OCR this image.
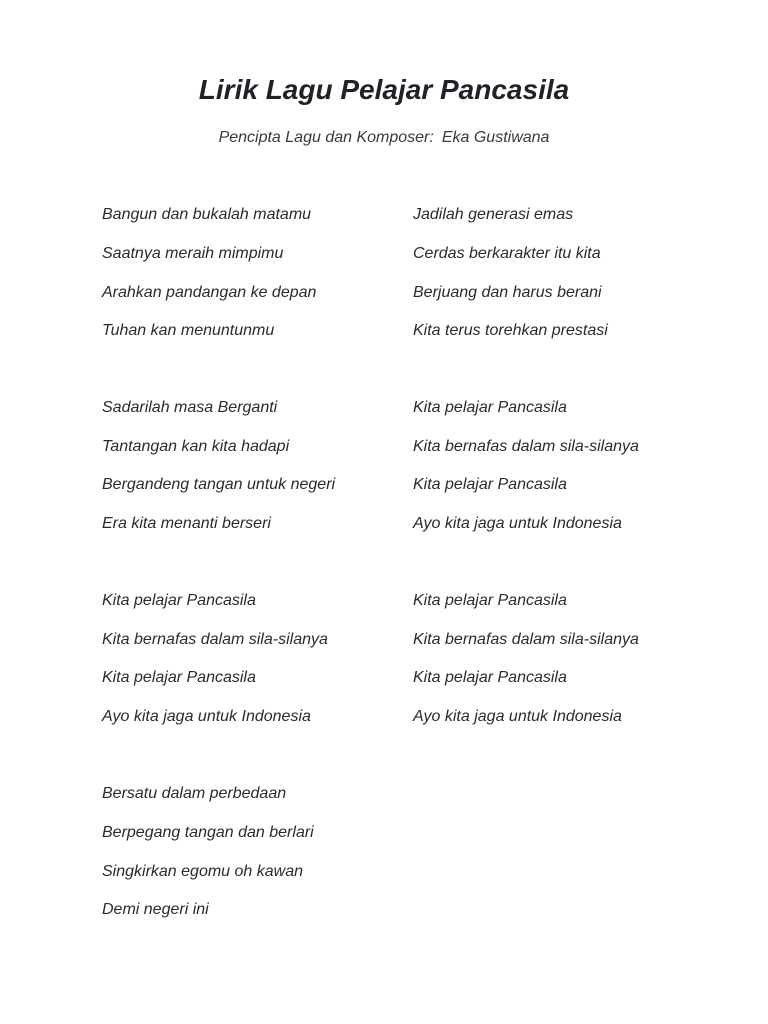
Lirik Lagu Pelajar Pancasila
Pencipta Lagu dan Komposer: Eka Gustiwana
Bangun dan bukalah matamu
Saatnya meraih mimpimu
Arahkan pandangan ke depan
Tuhan kan menuntunmu
Sadarilah masa Berganti
Tantangan kan kita hadapi
Bergandeng tangan untuk negeri
Era kita menanti berseri
Kita pelajar Pancasila
Kita bernafas dalam sila-silanya
Kita pelajar Pancasila
Ayo kita jaga untuk Indonesia
Bersatu dalam perbedaan
Berpegang tangan dan berlari
Singkirkan egomu oh kawan
Demi negeri ini
Jadilah generasi emas
Cerdas berkarakter itu kita
Berjuang dan harus berani
Kita terus torehkan prestasi
Kita pelajar Pancasila
Kita bernafas dalam sila-silanya
Kita pelajar Pancasila
Ayo kita jaga untuk Indonesia
Kita pelajar Pancasila
Kita bernafas dalam sila-silanya
Kita pelajar Pancasila
Ayo kita jaga untuk Indonesia
